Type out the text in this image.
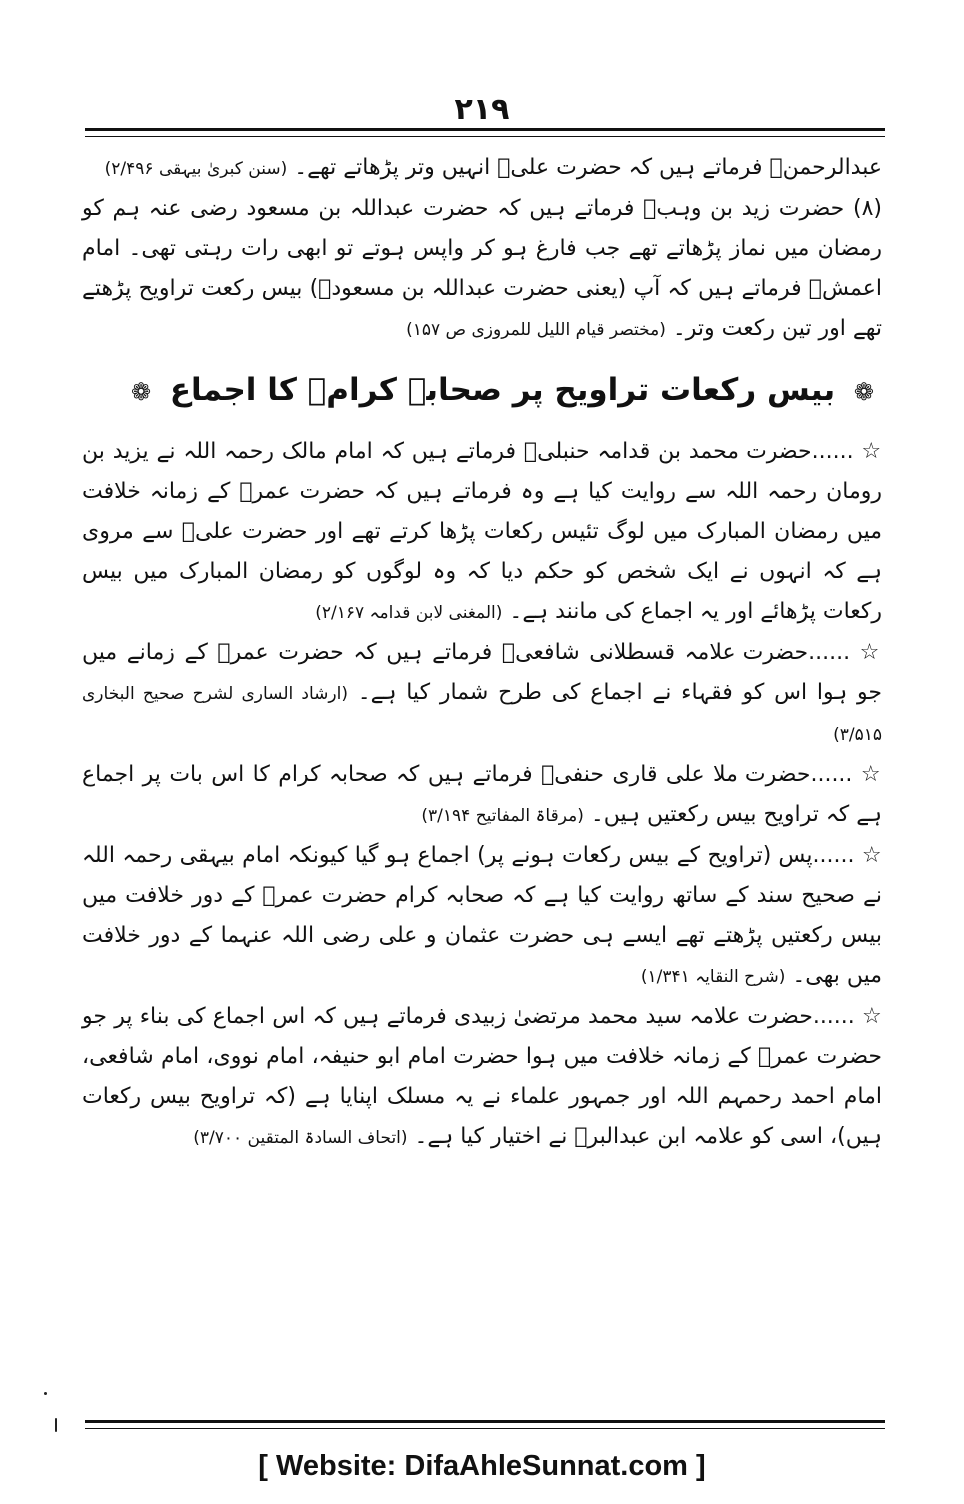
۲۱۹

عبدالرحمنؒ فرماتے ہیں کہ حضرت علیؓ انہیں وتر پڑھاتے تھے۔ (سنن کبریٰ بیہقی ۲/۴۹۶)

(۸) حضرت زید بن وہبؒ فرماتے ہیں کہ حضرت عبداللہ بن مسعود رضی عنہ ہم کو رمضان میں نماز پڑھاتے تھے جب فارغ ہو کر واپس ہوتے تو ابھی رات رہتی تھی۔ امام اعمشؒ فرماتے ہیں کہ آپ (یعنی حضرت عبداللہ بن مسعودؓ) بیس رکعت تراویح پڑھتے تھے اور تین رکعت وتر۔ (مختصر قیام اللیل للمروزی ص ۱۵۷)

❁ بیس رکعات تراویح پر صحابہ کرامؓ کا اجماع ❁

☆ ......حضرت محمد بن قدامہ حنبلیؒ فرماتے ہیں کہ امام مالک رحمہ اللہ نے یزید بن رومان رحمہ اللہ سے روایت کیا ہے وہ فرماتے ہیں کہ حضرت عمرؓ کے زمانہ خلافت میں رمضان المبارک میں لوگ تئیس رکعات پڑھا کرتے تھے اور حضرت علیؓ سے مروی ہے کہ انہوں نے ایک شخص کو حکم دیا کہ وہ لوگوں کو رمضان المبارک میں بیس رکعات پڑھائے اور یہ اجماع کی مانند ہے۔ (المغنی لابن قدامہ ۲/۱۶۷)

☆ ......حضرت علامہ قسطلانی شافعیؒ فرماتے ہیں کہ حضرت عمرؓ کے زمانے میں جو ہوا اس کو فقہاء نے اجماع کی طرح شمار کیا ہے۔ (ارشاد الساری لشرح صحیح البخاری ۳/۵۱۵)

☆ ......حضرت ملا علی قاری حنفیؒ فرماتے ہیں کہ صحابہ کرام کا اس بات پر اجماع ہے کہ تراویح بیس رکعتیں ہیں۔ (مرقاۃ المفاتیح ۳/۱۹۴)

☆ ......پس (تراویح کے بیس رکعات ہونے پر) اجماع ہو گیا کیونکہ امام بیہقی رحمہ اللہ نے صحیح سند کے ساتھ روایت کیا ہے کہ صحابہ کرام حضرت عمرؓ کے دور خلافت میں بیس رکعتیں پڑھتے تھے ایسے ہی حضرت عثمان و علی رضی اللہ عنہما کے دور خلافت میں بھی۔ (شرح النقایہ ۱/۳۴۱)

☆ ......حضرت علامہ سید محمد مرتضیٰ زبیدی فرماتے ہیں کہ اس اجماع کی بناء پر جو حضرت عمرؓ کے زمانہ خلافت میں ہوا حضرت امام ابو حنیفہ، امام نووی، امام شافعی، امام احمد رحمہم اللہ اور جمہور علماء نے یہ مسلک اپنایا ہے (کہ تراویح بیس رکعات ہیں)، اسی کو علامہ ابن عبدالبرؒ نے اختیار کیا ہے۔ (اتحاف السادۃ المتقین ۳/۷۰۰)

[ Website: DifaAhleSunnat.com ]
